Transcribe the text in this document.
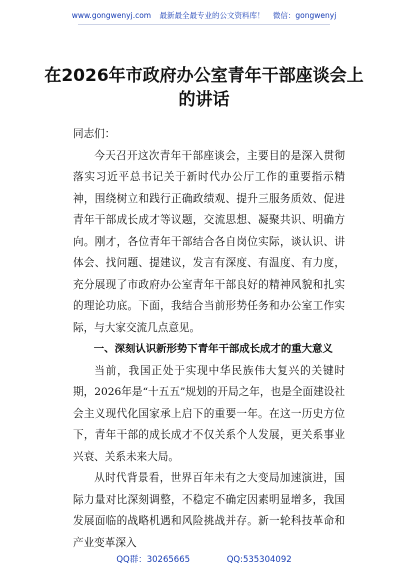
www.gongwenyj.com 最新最全最专业的公文资料库！ 微信：gongwenyj
在2026年市政府办公室青年干部座谈会上的讲话

同志们：

今天召开这次青年干部座谈会，主要目的是深入贯彻落实习近平总书记关于新时代办公厅工作的重要指示精神，围绕树立和践行正确政绩观、提升三服务质效、促进青年干部成长成才等议题，交流思想、凝聚共识、明确方向。刚才，各位青年干部结合各自岗位实际，谈认识、讲体会、找问题、提建议，发言有深度、有温度、有力度，充分展现了市政府办公室青年干部良好的精神风貌和扎实的理论功底。下面，我结合当前形势任务和办公室工作实际，与大家交流几点意见。

一、深刻认识新形势下青年干部成长成才的重大意义

当前，我国正处于实现中华民族伟大复兴的关键时期，2026年是“十五五”规划的开局之年，也是全面建设社会主义现代化国家承上启下的重要一年。在这一历史方位下，青年干部的成长成才不仅关系个人发展，更关系事业兴衰、关系未来大局。

从时代背景看，世界百年未有之大变局加速演进，国际力量对比深刻调整，不稳定不确定因素明显增多，我国发展面临的战略机遇和风险挑战并存。新一轮科技革命和产业变革深入

QQ群：30265665	QQ:535304092
